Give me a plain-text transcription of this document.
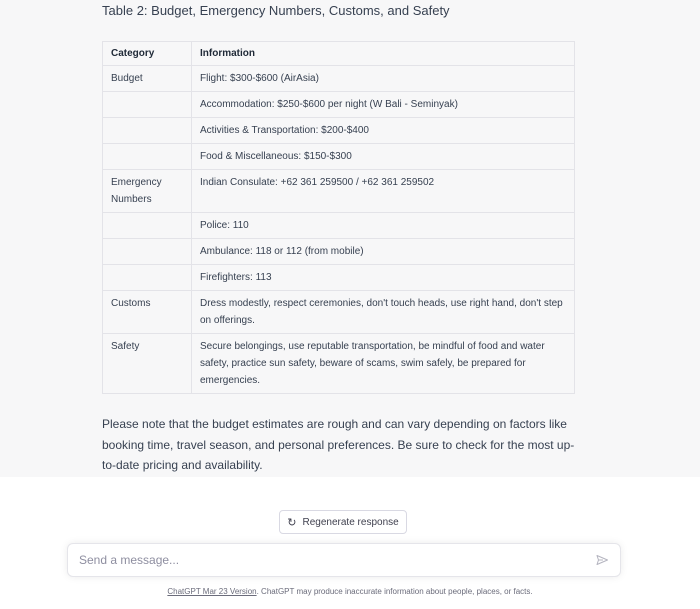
Table 2: Budget, Emergency Numbers, Customs, and Safety
Category	Information
Budget	Flight: $300-$600 (AirAsia)
	Accommodation: $250-$600 per night (W Bali - Seminyak)
	Activities & Transportation: $200-$400
	Food & Miscellaneous: $150-$300
Emergency Numbers	Indian Consulate: +62 361 259500 / +62 361 259502
	Police: 110
	Ambulance: 118 or 112 (from mobile)
	Firefighters: 113
Customs	Dress modestly, respect ceremonies, don't touch heads, use right hand, don't step on offerings.
Safety	Secure belongings, use reputable transportation, be mindful of food and water safety, practice sun safety, beware of scams, swim safely, be prepared for emergencies.

Please note that the budget estimates are rough and can vary depending on factors like booking time, travel season, and personal preferences. Be sure to check for the most up-to-date pricing and availability.

↻ Regenerate response
Send a message...
ChatGPT Mar 23 Version. ChatGPT may produce inaccurate information about people, places, or facts.
